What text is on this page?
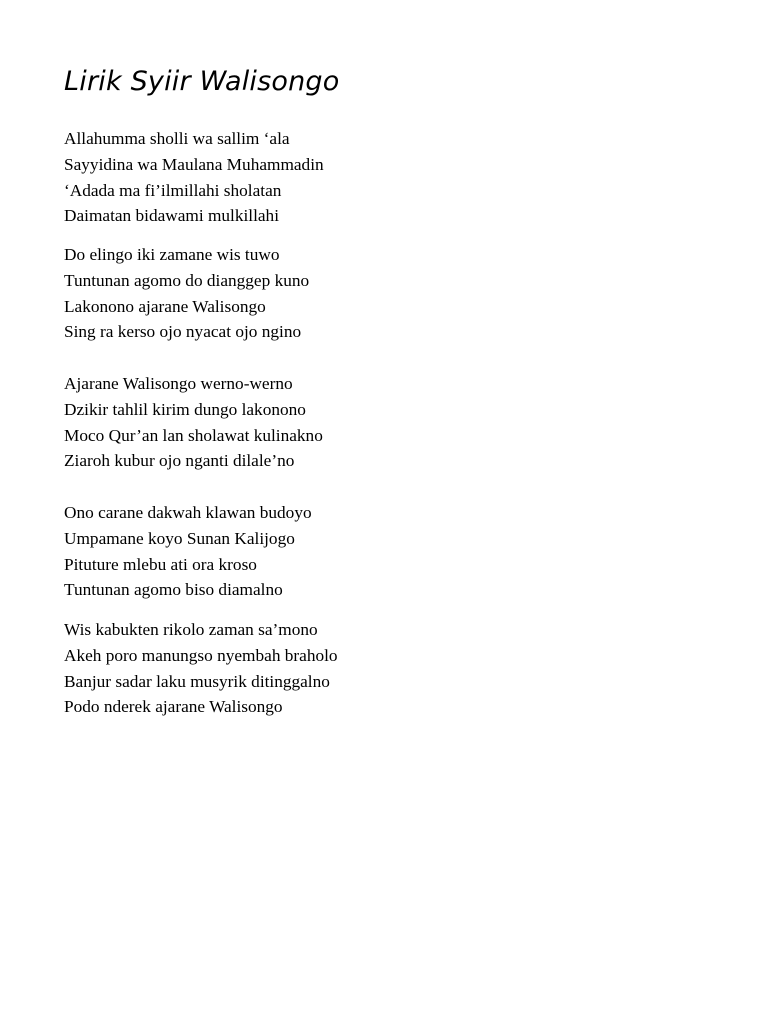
Lirik Syiir Walisongo
Allahumma sholli wa sallim ‘ala
Sayyidina wa Maulana Muhammadin
‘Adada ma fi’ilmillahi sholatan
Daimatan bidawami mulkillahi
Do elingo iki zamane wis tuwo
Tuntunan agomo do dianggep kuno
Lakonono ajarane Walisongo
Sing ra kerso ojo nyacat ojo ngino
Ajarane Walisongo werno-werno
Dzikir tahlil kirim dungo lakonono
Moco Qur’an lan sholawat kulinakno
Ziaroh kubur ojo nganti dilale’no
Ono carane dakwah klawan budoyo
Umpamane koyo Sunan Kalijogo
Pituture mlebu ati ora kroso
Tuntunan agomo biso diamalno
Wis kabukten rikolo zaman sa’mono
Akeh poro manungso nyembah braholo
Banjur sadar laku musyrik ditinggalno
Podo nderek ajarane Walisongo
